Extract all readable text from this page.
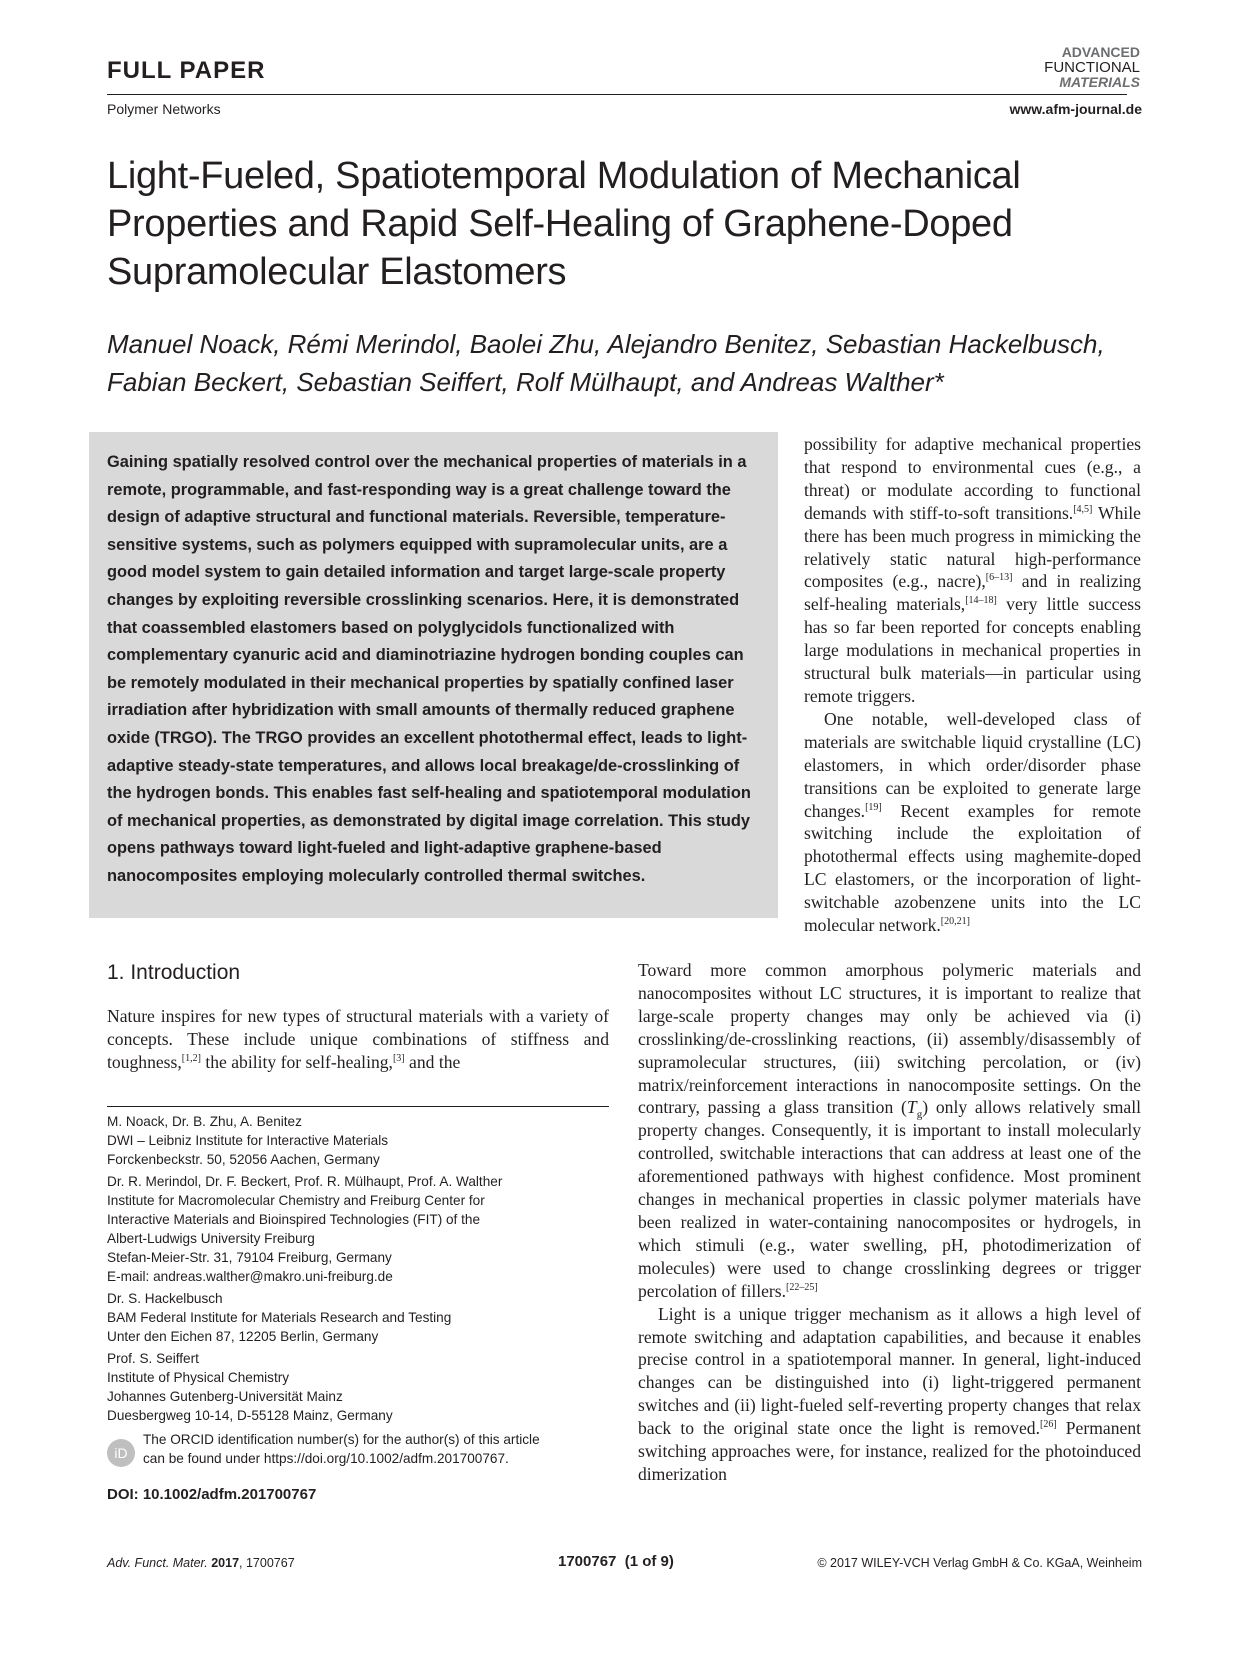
FULL PAPER
ADVANCED
FUNCTIONAL
MATERIALS
Polymer Networks	www.afm-journal.de
Light-Fueled, Spatiotemporal Modulation of Mechanical Properties and Rapid Self-Healing of Graphene-Doped Supramolecular Elastomers
Manuel Noack, Rémi Merindol, Baolei Zhu, Alejandro Benitez, Sebastian Hackelbusch, Fabian Beckert, Sebastian Seiffert, Rolf Mülhaupt, and Andreas Walther*
Gaining spatially resolved control over the mechanical properties of materials in a remote, programmable, and fast-responding way is a great challenge toward the design of adaptive structural and functional materials. Reversible, temperature-sensitive systems, such as polymers equipped with supramolecular units, are a good model system to gain detailed information and target large-scale property changes by exploiting reversible crosslinking scenarios. Here, it is demonstrated that coassembled elastomers based on polyglycidols functionalized with complementary cyanuric acid and diaminotriazine hydrogen bonding couples can be remotely modulated in their mechanical properties by spatially confined laser irradiation after hybridization with small amounts of thermally reduced graphene oxide (TRGO). The TRGO provides an excellent photothermal effect, leads to light-adaptive steady-state temperatures, and allows local breakage/de-crosslinking of the hydrogen bonds. This enables fast self-healing and spatiotemporal modulation of mechanical properties, as demonstrated by digital image correlation. This study opens pathways toward light-fueled and light-adaptive graphene-based nanocomposites employing molecularly controlled thermal switches.
possibility for adaptive mechanical properties that respond to environmental cues (e.g., a threat) or modulate according to functional demands with stiff-to-soft transitions.[4,5] While there has been much progress in mimicking the relatively static natural high-performance composites (e.g., nacre),[6–13] and in realizing self-healing materials,[14–18] very little success has so far been reported for concepts enabling large modulations in mechanical properties in structural bulk materials—in particular using remote triggers.
One notable, well-developed class of materials are switchable liquid crystalline (LC) elastomers, in which order/disorder phase transitions can be exploited to generate large changes.[19] Recent examples for remote switching include the exploitation of photothermal effects using maghemite-doped LC elastomers, or the incorporation of light-switchable azobenzene units into the LC molecular network.[20,21]
1. Introduction
Nature inspires for new types of structural materials with a variety of concepts. These include unique combinations of stiffness and toughness,[1,2] the ability for self-healing,[3] and the
Toward more common amorphous polymeric materials and nanocomposites without LC structures, it is important to realize that large-scale property changes may only be achieved via (i) crosslinking/de-crosslinking reactions, (ii) assembly/disassembly of supramolecular structures, (iii) switching percolation, or (iv) matrix/reinforcement interactions in nanocomposite settings. On the contrary, passing a glass transition $(T_g)$ only allows relatively small property changes. Consequently, it is important to install molecularly controlled, switchable interactions that can address at least one of the aforementioned pathways with highest confidence. Most prominent changes in mechanical properties in classic polymer materials have been realized in water-containing nanocomposites or hydrogels, in which stimuli (e.g., water swelling, pH, photodimerization of molecules) were used to change crosslinking degrees or trigger percolation of fillers.[22–25]
Light is a unique trigger mechanism as it allows a high level of remote switching and adaptation capabilities, and because it enables precise control in a spatiotemporal manner. In general, light-induced changes can be distinguished into (i) light-triggered permanent switches and (ii) light-fueled self-reverting property changes that relax back to the original state once the light is removed.[26] Permanent switching approaches were, for instance, realized for the photoinduced dimerization
M. Noack, Dr. B. Zhu, A. Benitez
DWI – Leibniz Institute for Interactive Materials
Forckenbeckstr. 50, 52056 Aachen, Germany
Dr. R. Merindol, Dr. F. Beckert, Prof. R. Mülhaupt, Prof. A. Walther
Institute for Macromolecular Chemistry and Freiburg Center for
Interactive Materials and Bioinspired Technologies (FIT) of the
Albert-Ludwigs University Freiburg
Stefan-Meier-Str. 31, 79104 Freiburg, Germany
E-mail: andreas.walther@makro.uni-freiburg.de
Dr. S. Hackelbusch
BAM Federal Institute for Materials Research and Testing
Unter den Eichen 87, 12205 Berlin, Germany
Prof. S. Seiffert
Institute of Physical Chemistry
Johannes Gutenberg-Universität Mainz
Duesbergweg 10-14, D-55128 Mainz, Germany
iD
The ORCID identification number(s) for the author(s) of this article
can be found under https://doi.org/10.1002/adfm.201700767.
DOI: 10.1002/adfm.201700767
Adv. Funct. Mater. 2017, 1700767	1700767  (1 of 9)	© 2017 WILEY-VCH Verlag GmbH & Co. KGaA, Weinheim
